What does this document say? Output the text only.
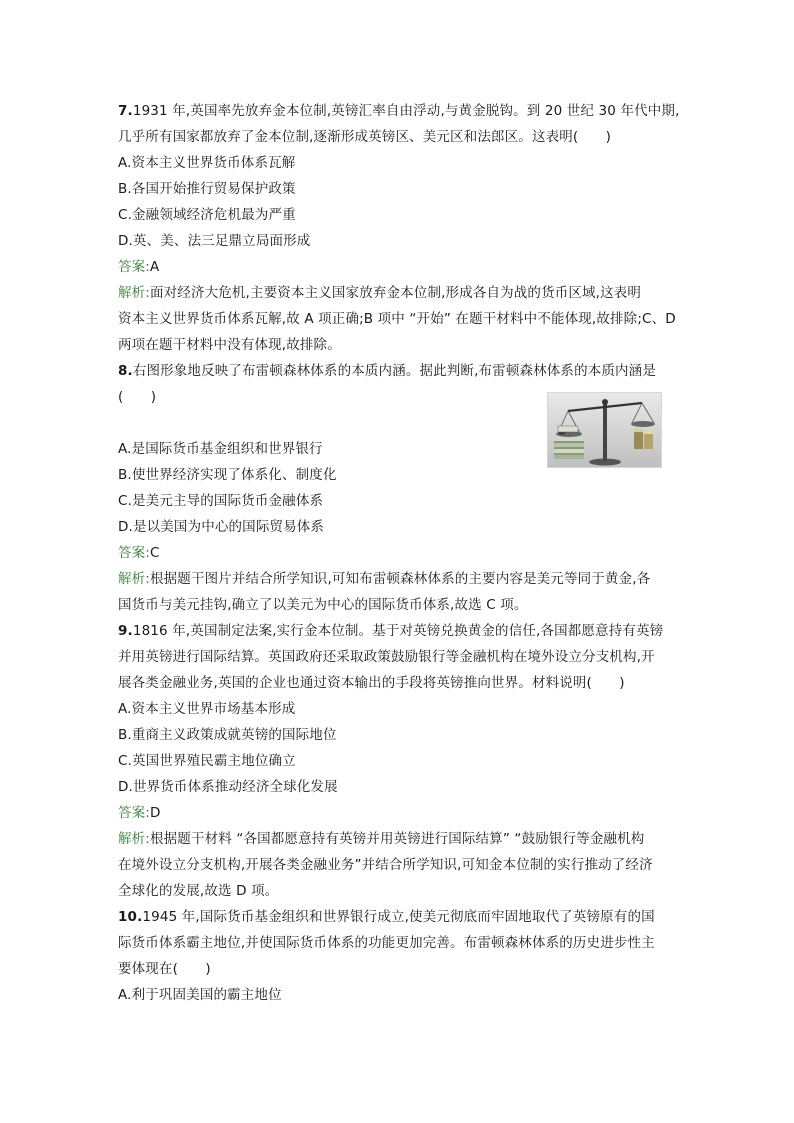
7.1931 年,英国率先放弃金本位制,英镑汇率自由浮动,与黄金脱钩。到 20 世纪 30 年代中期,
几乎所有国家都放弃了金本位制,逐渐形成英镑区、美元区和法郎区。这表明(　　)
A.资本主义世界货币体系瓦解
B.各国开始推行贸易保护政策
C.金融领域经济危机最为严重
D.英、美、法三足鼎立局面形成
答案:A
解析:面对经济大危机,主要资本主义国家放弃金本位制,形成各自为战的货币区域,这表明
资本主义世界货币体系瓦解,故 A 项正确;B 项中 “开始” 在题干材料中不能体现,故排除;C、D
两项在题干材料中没有体现,故排除。
8.右图形象地反映了布雷顿森林体系的本质内涵。据此判断,布雷顿森林体系的本质内涵是
(　　)
A.是国际货币基金组织和世界银行
B.使世界经济实现了体系化、制度化
C.是美元主导的国际货币金融体系
D.是以美国为中心的国际贸易体系
答案:C
解析:根据题干图片并结合所学知识,可知布雷顿森林体系的主要内容是美元等同于黄金,各
国货币与美元挂钩,确立了以美元为中心的国际货币体系,故选 C 项。
9.1816 年,英国制定法案,实行金本位制。基于对英镑兑换黄金的信任,各国都愿意持有英镑
并用英镑进行国际结算。英国政府还采取政策鼓励银行等金融机构在境外设立分支机构,开
展各类金融业务,英国的企业也通过资本输出的手段将英镑推向世界。材料说明(　　)
A.资本主义世界市场基本形成
B.重商主义政策成就英镑的国际地位
C.英国世界殖民霸主地位确立
D.世界货币体系推动经济全球化发展
答案:D
解析:根据题干材料 “各国都愿意持有英镑并用英镑进行国际结算” “鼓励银行等金融机构
在境外设立分支机构,开展各类金融业务”并结合所学知识,可知金本位制的实行推动了经济
全球化的发展,故选 D 项。
10.1945 年,国际货币基金组织和世界银行成立,使美元彻底而牢固地取代了英镑原有的国
际货币体系霸主地位,并使国际货币体系的功能更加完善。布雷顿森林体系的历史进步性主
要体现在(　　)
A.利于巩固美国的霸主地位
